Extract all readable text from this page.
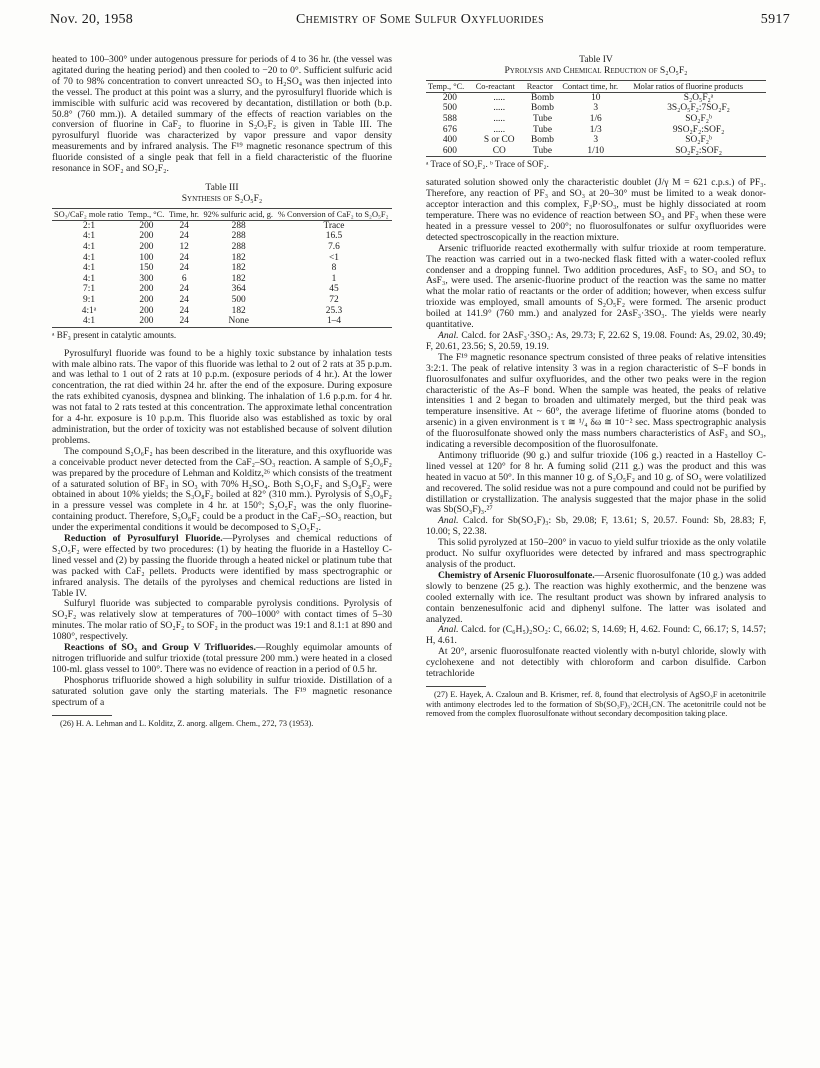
Nov. 20, 1958	Chemistry of Some Sulfur Oxyfluorides	5917

heated to 100–300° under autogenous pressure for periods of 4 to 36 hr. (the vessel was agitated during the heating period) and then cooled to −20 to 0°. Sufficient sulfuric acid of 70 to 98% concentration to convert unreacted SO₃ to H₂SO₄ was then injected into the vessel. The product at this point was a slurry, and the pyrosulfuryl fluoride which is immiscible with sulfuric acid was recovered by decantation, distillation or both (b.p. 50.8° (760 mm.)). A detailed summary of the effects of reaction variables on the conversion of fluorine in CaF₂ to fluorine in S₂O₅F₂ is given in Table III. The pyrosulfuryl fluoride was characterized by vapor pressure and vapor density measurements and by infrared analysis. The F¹⁹ magnetic resonance spectrum of this fluoride consisted of a single peak that fell in a field characteristic of the fluorine resonance in SOF₂ and SO₂F₂.

Table III
Synthesis of S₂O₅F₂
SO₃/CaF₂ mole ratio	Temp., °C.	Time, hr.	92% sulfuric acid, g.	% Conversion of CaF₂ to S₂O₅F₂
2:1	200	24	288	Trace
4:1	200	24	288	16.5
4:1	200	12	288	7.6
4:1	100	24	182	<1
4:1	150	24	182	8
4:1	300	6	182	1
7:1	200	24	364	45
9:1	200	24	500	72
4:1ᵃ	200	24	182	25.3
4:1	200	24	None	1–4
ᵃ BF₃ present in catalytic amounts.

Pyrosulfuryl fluoride was found to be a highly toxic substance by inhalation tests with male albino rats. The vapor of this fluoride was lethal to 2 out of 2 rats at 35 p.p.m. and was lethal to 1 out of 2 rats at 10 p.p.m. (exposure periods of 4 hr.). At the lower concentration, the rat died within 24 hr. after the end of the exposure. During exposure the rats exhibited cyanosis, dyspnea and blinking. The inhalation of 1.6 p.p.m. for 4 hr. was not fatal to 2 rats tested at this concentration. The approximate lethal concentration for a 4-hr. exposure is 10 p.p.m. This fluoride also was established as toxic by oral administration, but the order of toxicity was not established because of solvent dilution problems.

The compound S₂O₆F₂ has been described in the literature, and this oxyfluoride was a conceivable product never detected from the CaF₂–SO₃ reaction. A sample of S₂O₆F₂ was prepared by the procedure of Lehman and Kolditz,²⁶ which consists of the treatment of a saturated solution of BF₃ in SO₃ with 70% H₂SO₄. Both S₂O₅F₂ and S₃O₈F₂ were obtained in about 10% yields; the S₃O₈F₂ boiled at 82° (310 mm.). Pyrolysis of S₃O₈F₂ in a pressure vessel was complete in 4 hr. at 150°; S₂O₅F₂ was the only fluorine-containing product. Therefore, S₃O₈F₂ could be a product in the CaF₂–SO₃ reaction, but under the experimental conditions it would be decomposed to S₂O₅F₂.

Reduction of Pyrosulfuryl Fluoride.—Pyrolyses and chemical reductions of S₂O₅F₂ were effected by two procedures: (1) by heating the fluoride in a Hastelloy C-lined vessel and (2) by passing the fluoride through a heated nickel or platinum tube that was packed with CaF₂ pellets. Products were identified by mass spectrographic or infrared analysis. The details of the pyrolyses and chemical reductions are listed in Table IV.

Sulfuryl fluoride was subjected to comparable pyrolysis conditions. Pyrolysis of SO₂F₂ was relatively slow at temperatures of 700–1000° with contact times of 5–30 minutes. The molar ratio of SO₂F₂ to SOF₂ in the product was 19:1 and 8.1:1 at 890 and 1080°, respectively.

Reactions of SO₃ and Group V Trifluorides.—Roughly equimolar amounts of nitrogen trifluoride and sulfur trioxide (total pressure 200 mm.) were heated in a closed 100-ml. glass vessel to 100°. There was no evidence of reaction in a period of 0.5 hr.

Phosphorus trifluoride showed a high solubility in sulfur trioxide. Distillation of a saturated solution gave only the starting materials. The F¹⁹ magnetic resonance spectrum of a

(26) H. A. Lehman and L. Kolditz, Z. anorg. allgem. Chem., 272, 73 (1953).

Table IV
Pyrolysis and Chemical Reduction of S₂O₅F₂
Temp., °C.	Co-reactant	Reactor	Contact time, hr.	Molar ratios of fluorine products
200	.....	Bomb	10	S₂O₅F₂ᵃ
500	.....	Bomb	3	3S₂O₅F₂:7SO₂F₂
588	.....	Tube	1/6	SO₂F₂ᵇ
676	.....	Tube	1/3	9SO₂F₂:SOF₂
400	S or CO	Bomb	3	SO₂F₂ᵇ
600	CO	Tube	1/10	SO₂F₂:SOF₂
ᵃ Trace of SO₂F₂. ᵇ Trace of SOF₂.

saturated solution showed only the characteristic doublet (J/γ M = 621 c.p.s.) of PF₃. Therefore, any reaction of PF₃ and SO₃ at 20–30° must be limited to a weak donor-acceptor interaction and this complex, F₃P·SO₃, must be highly dissociated at room temperature. There was no evidence of reaction between SO₃ and PF₃ when these were heated in a pressure vessel to 200°; no fluorosulfonates or sulfur oxyfluorides were detected spectroscopically in the reaction mixture.

Arsenic trifluoride reacted exothermally with sulfur trioxide at room temperature. The reaction was carried out in a two-necked flask fitted with a water-cooled reflux condenser and a dropping funnel. Two addition procedures, AsF₃ to SO₃ and SO₃ to AsF₃, were used. The arsenic-fluorine product of the reaction was the same no matter what the molar ratio of reactants or the order of addition; however, when excess sulfur trioxide was employed, small amounts of S₂O₅F₂ were formed. The arsenic product boiled at 141.9° (760 mm.) and analyzed for 2AsF₃·3SO₃. The yields were nearly quantitative.

Anal. Calcd. for 2AsF₃·3SO₃: As, 29.73; F, 22.62 S, 19.08. Found: As, 29.02, 30.49; F, 20.61, 23.56; S, 20.59, 19.19.

The F¹⁹ magnetic resonance spectrum consisted of three peaks of relative intensities 3:2:1. The peak of relative intensity 3 was in a region characteristic of S–F bonds in fluorosulfonates and sulfur oxyfluorides, and the other two peaks were in the region characteristic of the As–F bond. When the sample was heated, the peaks of relative intensities 1 and 2 began to broaden and ultimately merged, but the third peak was temperature insensitive. At ~ 60°, the average lifetime of fluorine atoms (bonded to arsenic) in a given environment is τ ≅ ¹/₄ δω ≅ 10⁻² sec. Mass spectrographic analysis of the fluorosulfonate showed only the mass numbers characteristics of AsF₃ and SO₃, indicating a reversible decomposition of the fluorosulfonate.

Antimony trifluoride (90 g.) and sulfur trioxide (106 g.) reacted in a Hastelloy C-lined vessel at 120° for 8 hr. A fuming solid (211 g.) was the product and this was heated in vacuo at 50°. In this manner 10 g. of S₂O₅F₂ and 10 g. of SO₃ were volatilized and recovered. The solid residue was not a pure compound and could not be purified by distillation or crystallization. The analysis suggested that the major phase in the solid was Sb(SO₃F)₃.²⁷

Anal. Calcd. for Sb(SO₃F)₃: Sb, 29.08; F, 13.61; S, 20.57. Found: Sb, 28.83; F, 10.00; S, 22.38.

This solid pyrolyzed at 150–200° in vacuo to yield sulfur trioxide as the only volatile product. No sulfur oxyfluorides were detected by infrared and mass spectrographic analysis of the product.

Chemistry of Arsenic Fluorosulfonate.—Arsenic fluorosulfonate (10 g.) was added slowly to benzene (25 g.). The reaction was highly exothermic, and the benzene was cooled externally with ice. The resultant product was shown by infrared analysis to contain benzenesulfonic acid and diphenyl sulfone. The latter was isolated and analyzed.

Anal. Calcd. for (C₆H₅)₂SO₂: C, 66.02; S, 14.69; H, 4.62. Found: C, 66.17; S, 14.57; H, 4.61.

At 20°, arsenic fluorosulfonate reacted violently with n-butyl chloride, slowly with cyclohexene and not detectibly with chloroform and carbon disulfide. Carbon tetrachloride

(27) E. Hayek, A. Czaloun and B. Krismer, ref. 8, found that electrolysis of AgSO₃F in acetonitrile with antimony electrodes led to the formation of Sb(SO₃F)₃·2CH₃CN. The acetonitrile could not be removed from the complex fluorosulfonate without secondary decomposition taking place.
